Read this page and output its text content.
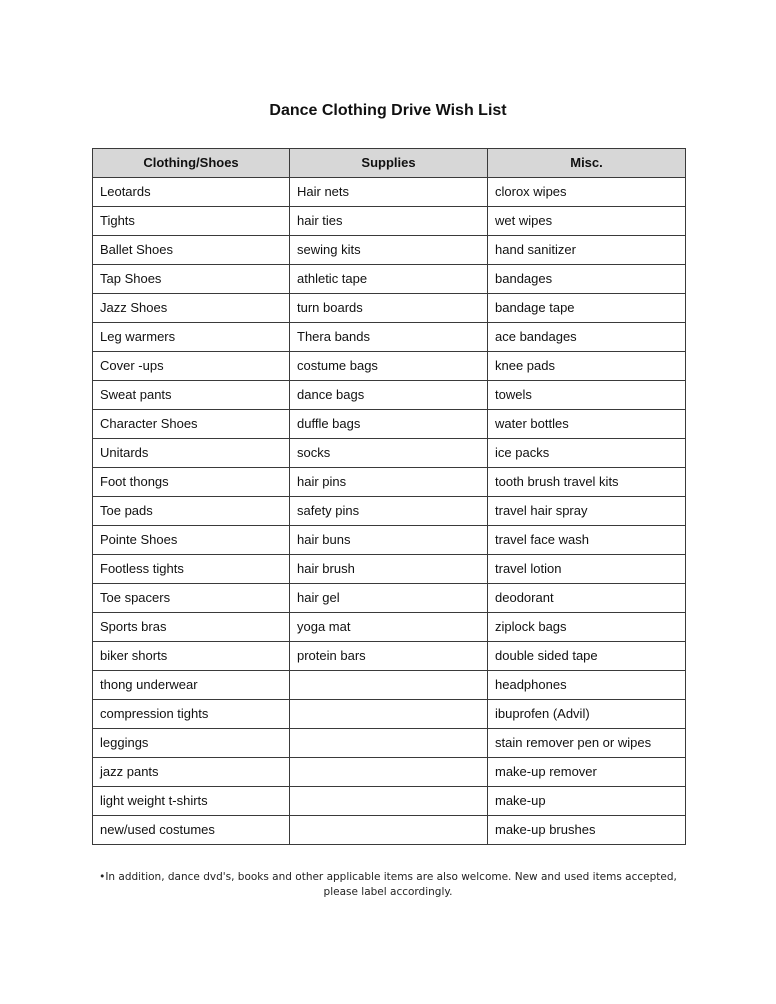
Dance Clothing Drive Wish List
Clothing/Shoes	Supplies	Misc.
Leotards	Hair nets	clorox wipes
Tights	hair ties	wet wipes
Ballet Shoes	sewing kits	hand sanitizer
Tap Shoes	athletic tape	bandages
Jazz Shoes	turn boards	bandage tape
Leg warmers	Thera bands	ace bandages
Cover -ups	costume bags	knee pads
Sweat pants	dance bags	towels
Character Shoes	duffle bags	water bottles
Unitards	socks	ice packs
Foot thongs	hair pins	tooth brush travel kits
Toe pads	safety pins	travel hair spray
Pointe Shoes	hair buns	travel face wash
Footless tights	hair brush	travel lotion
Toe spacers	hair gel	deodorant
Sports bras	yoga mat	ziplock bags
biker shorts	protein bars	double sided tape
thong underwear		headphones
compression tights		ibuprofen (Advil)
leggings		stain remover pen or wipes
jazz pants		make-up remover
light weight t-shirts		make-up
new/used costumes		make-up brushes
•In addition, dance dvd's, books and other applicable items are also welcome. New and used items accepted, please label accordingly.
